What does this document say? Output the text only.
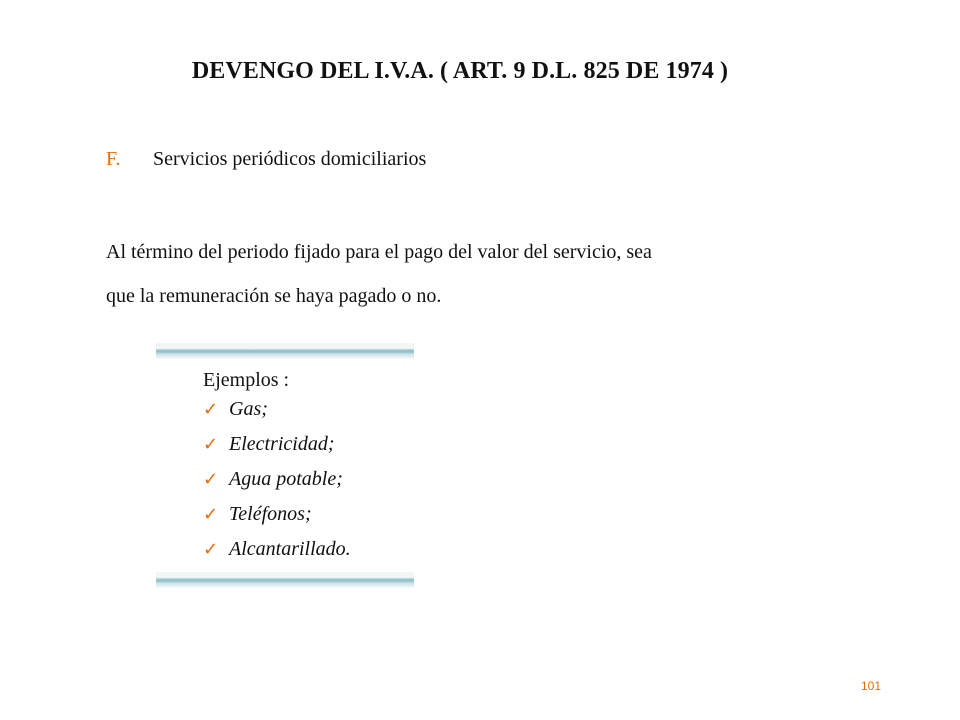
DEVENGO DEL I.V.A. ( ART. 9 D.L. 825 DE 1974 )
F. Servicios periódicos domiciliarios
Al término del periodo fijado para el pago del valor del servicio, sea
que la remuneración se haya pagado o no.
Ejemplos :
✓ Gas;
✓ Electricidad;
✓ Agua potable;
✓ Teléfonos;
✓ Alcantarillado.
101
